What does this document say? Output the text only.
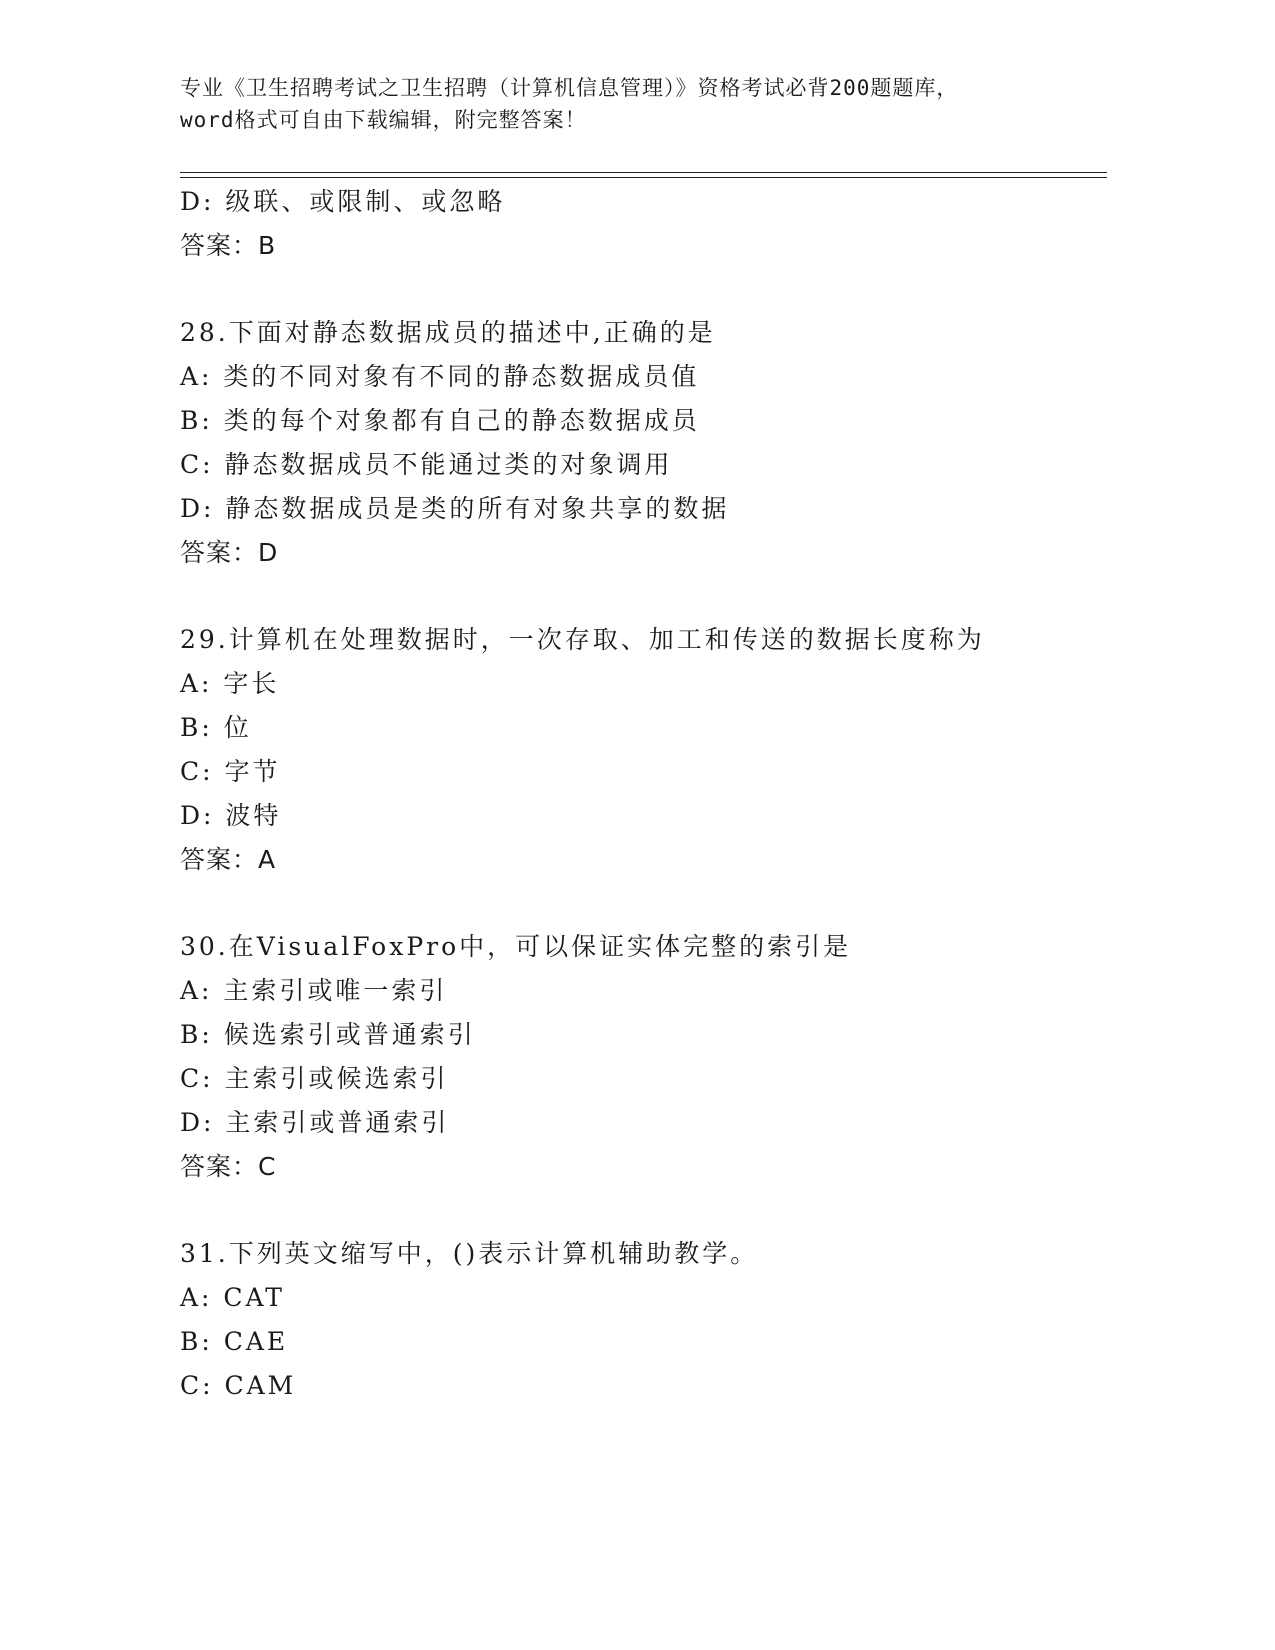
专业《卫生招聘考试之卫生招聘（计算机信息管理）》资格考试必背200题题库，
word格式可自由下载编辑，附完整答案！
D: 级联、或限制、或忽略
答案：B
28.下面对静态数据成员的描述中,正确的是
A: 类的不同对象有不同的静态数据成员值
B: 类的每个对象都有自己的静态数据成员
C: 静态数据成员不能通过类的对象调用
D: 静态数据成员是类的所有对象共享的数据
答案：D
29.计算机在处理数据时，一次存取、加工和传送的数据长度称为
A: 字长
B: 位
C: 字节
D: 波特
答案：A
30.在VisualFoxPro中，可以保证实体完整的索引是
A: 主索引或唯一索引
B: 候选索引或普通索引
C: 主索引或候选索引
D: 主索引或普通索引
答案：C
31.下列英文缩写中，()表示计算机辅助教学。
A: CAT
B: CAE
C: CAM
